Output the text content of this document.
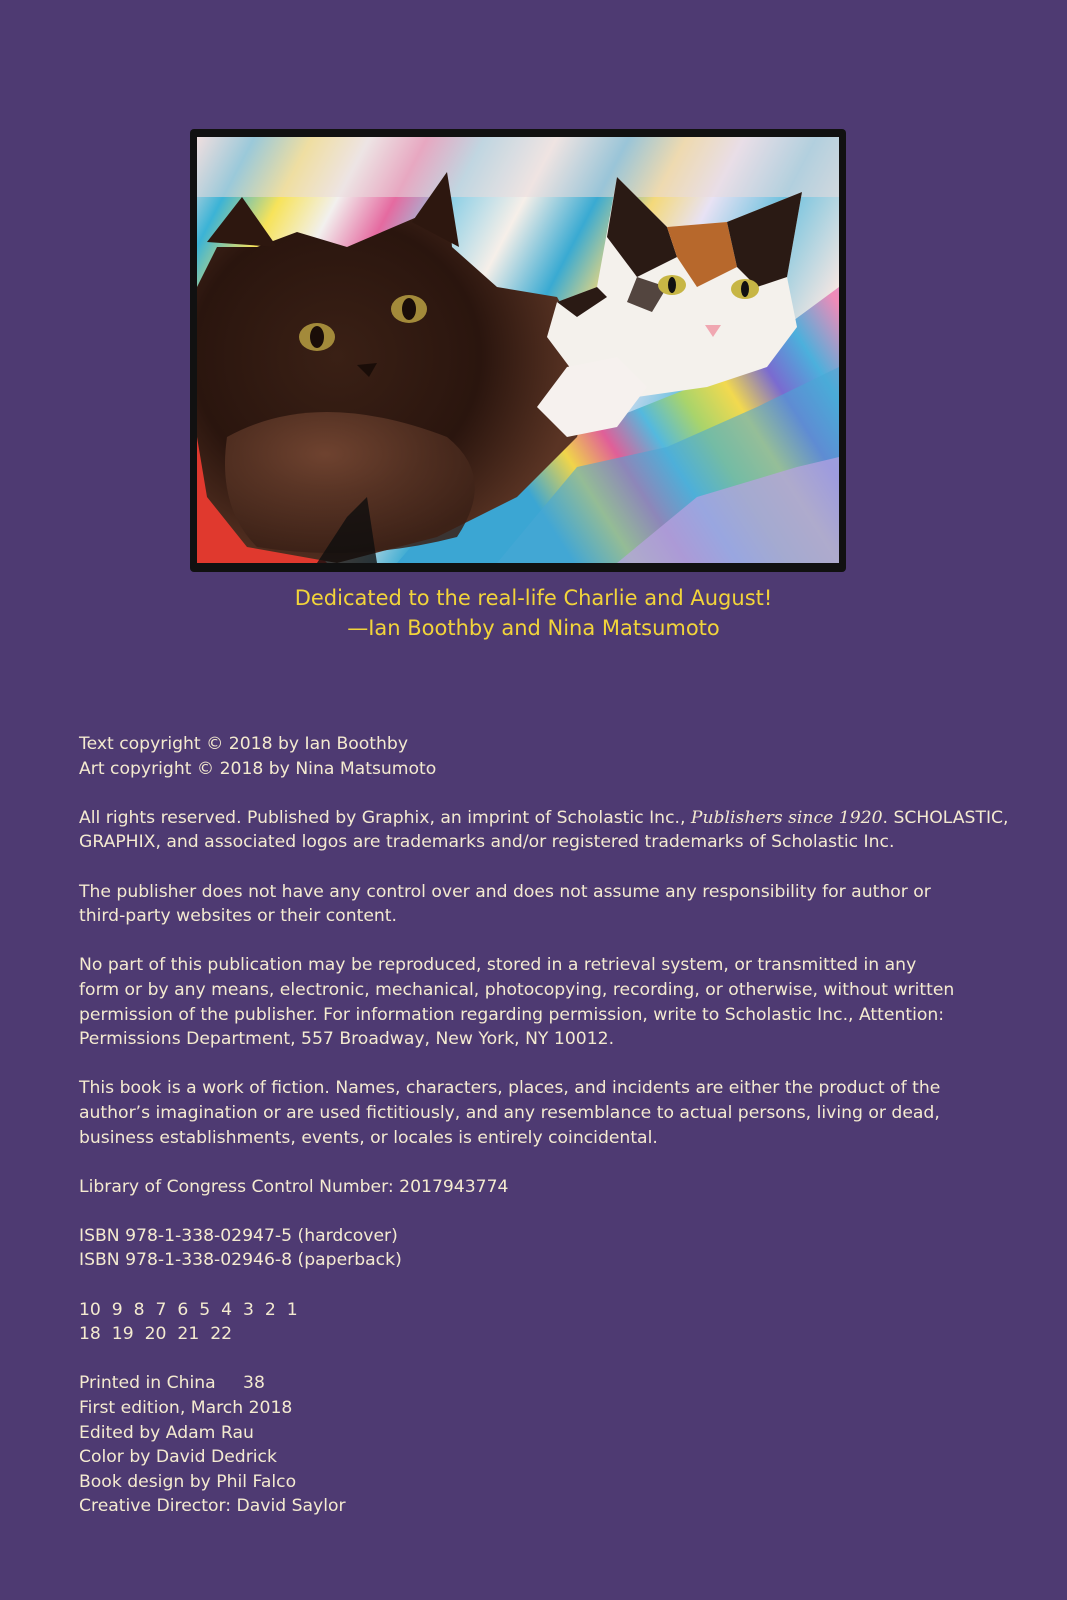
Dedicated to the real-life Charlie and August!
—Ian Boothby and Nina Matsumoto

Text copyright © 2018 by Ian Boothby
Art copyright © 2018 by Nina Matsumoto

All rights reserved. Published by Graphix, an imprint of Scholastic Inc., Publishers since 1920. SCHOLASTIC,
GRAPHIX, and associated logos are trademarks and/or registered trademarks of Scholastic Inc.

The publisher does not have any control over and does not assume any responsibility for author or
third-party websites or their content.

No part of this publication may be reproduced, stored in a retrieval system, or transmitted in any
form or by any means, electronic, mechanical, photocopying, recording, or otherwise, without written
permission of the publisher. For information regarding permission, write to Scholastic Inc., Attention:
Permissions Department, 557 Broadway, New York, NY 10012.

This book is a work of fiction. Names, characters, places, and incidents are either the product of the
author’s imagination or are used fictitiously, and any resemblance to actual persons, living or dead,
business establishments, events, or locales is entirely coincidental.

Library of Congress Control Number: 2017943774

ISBN 978-1-338-02947-5 (hardcover)
ISBN 978-1-338-02946-8 (paperback)

10  9  8  7  6  5  4  3  2  1
18  19  20  21  22

Printed in China     38
First edition, March 2018
Edited by Adam Rau
Color by David Dedrick
Book design by Phil Falco
Creative Director: David Saylor
